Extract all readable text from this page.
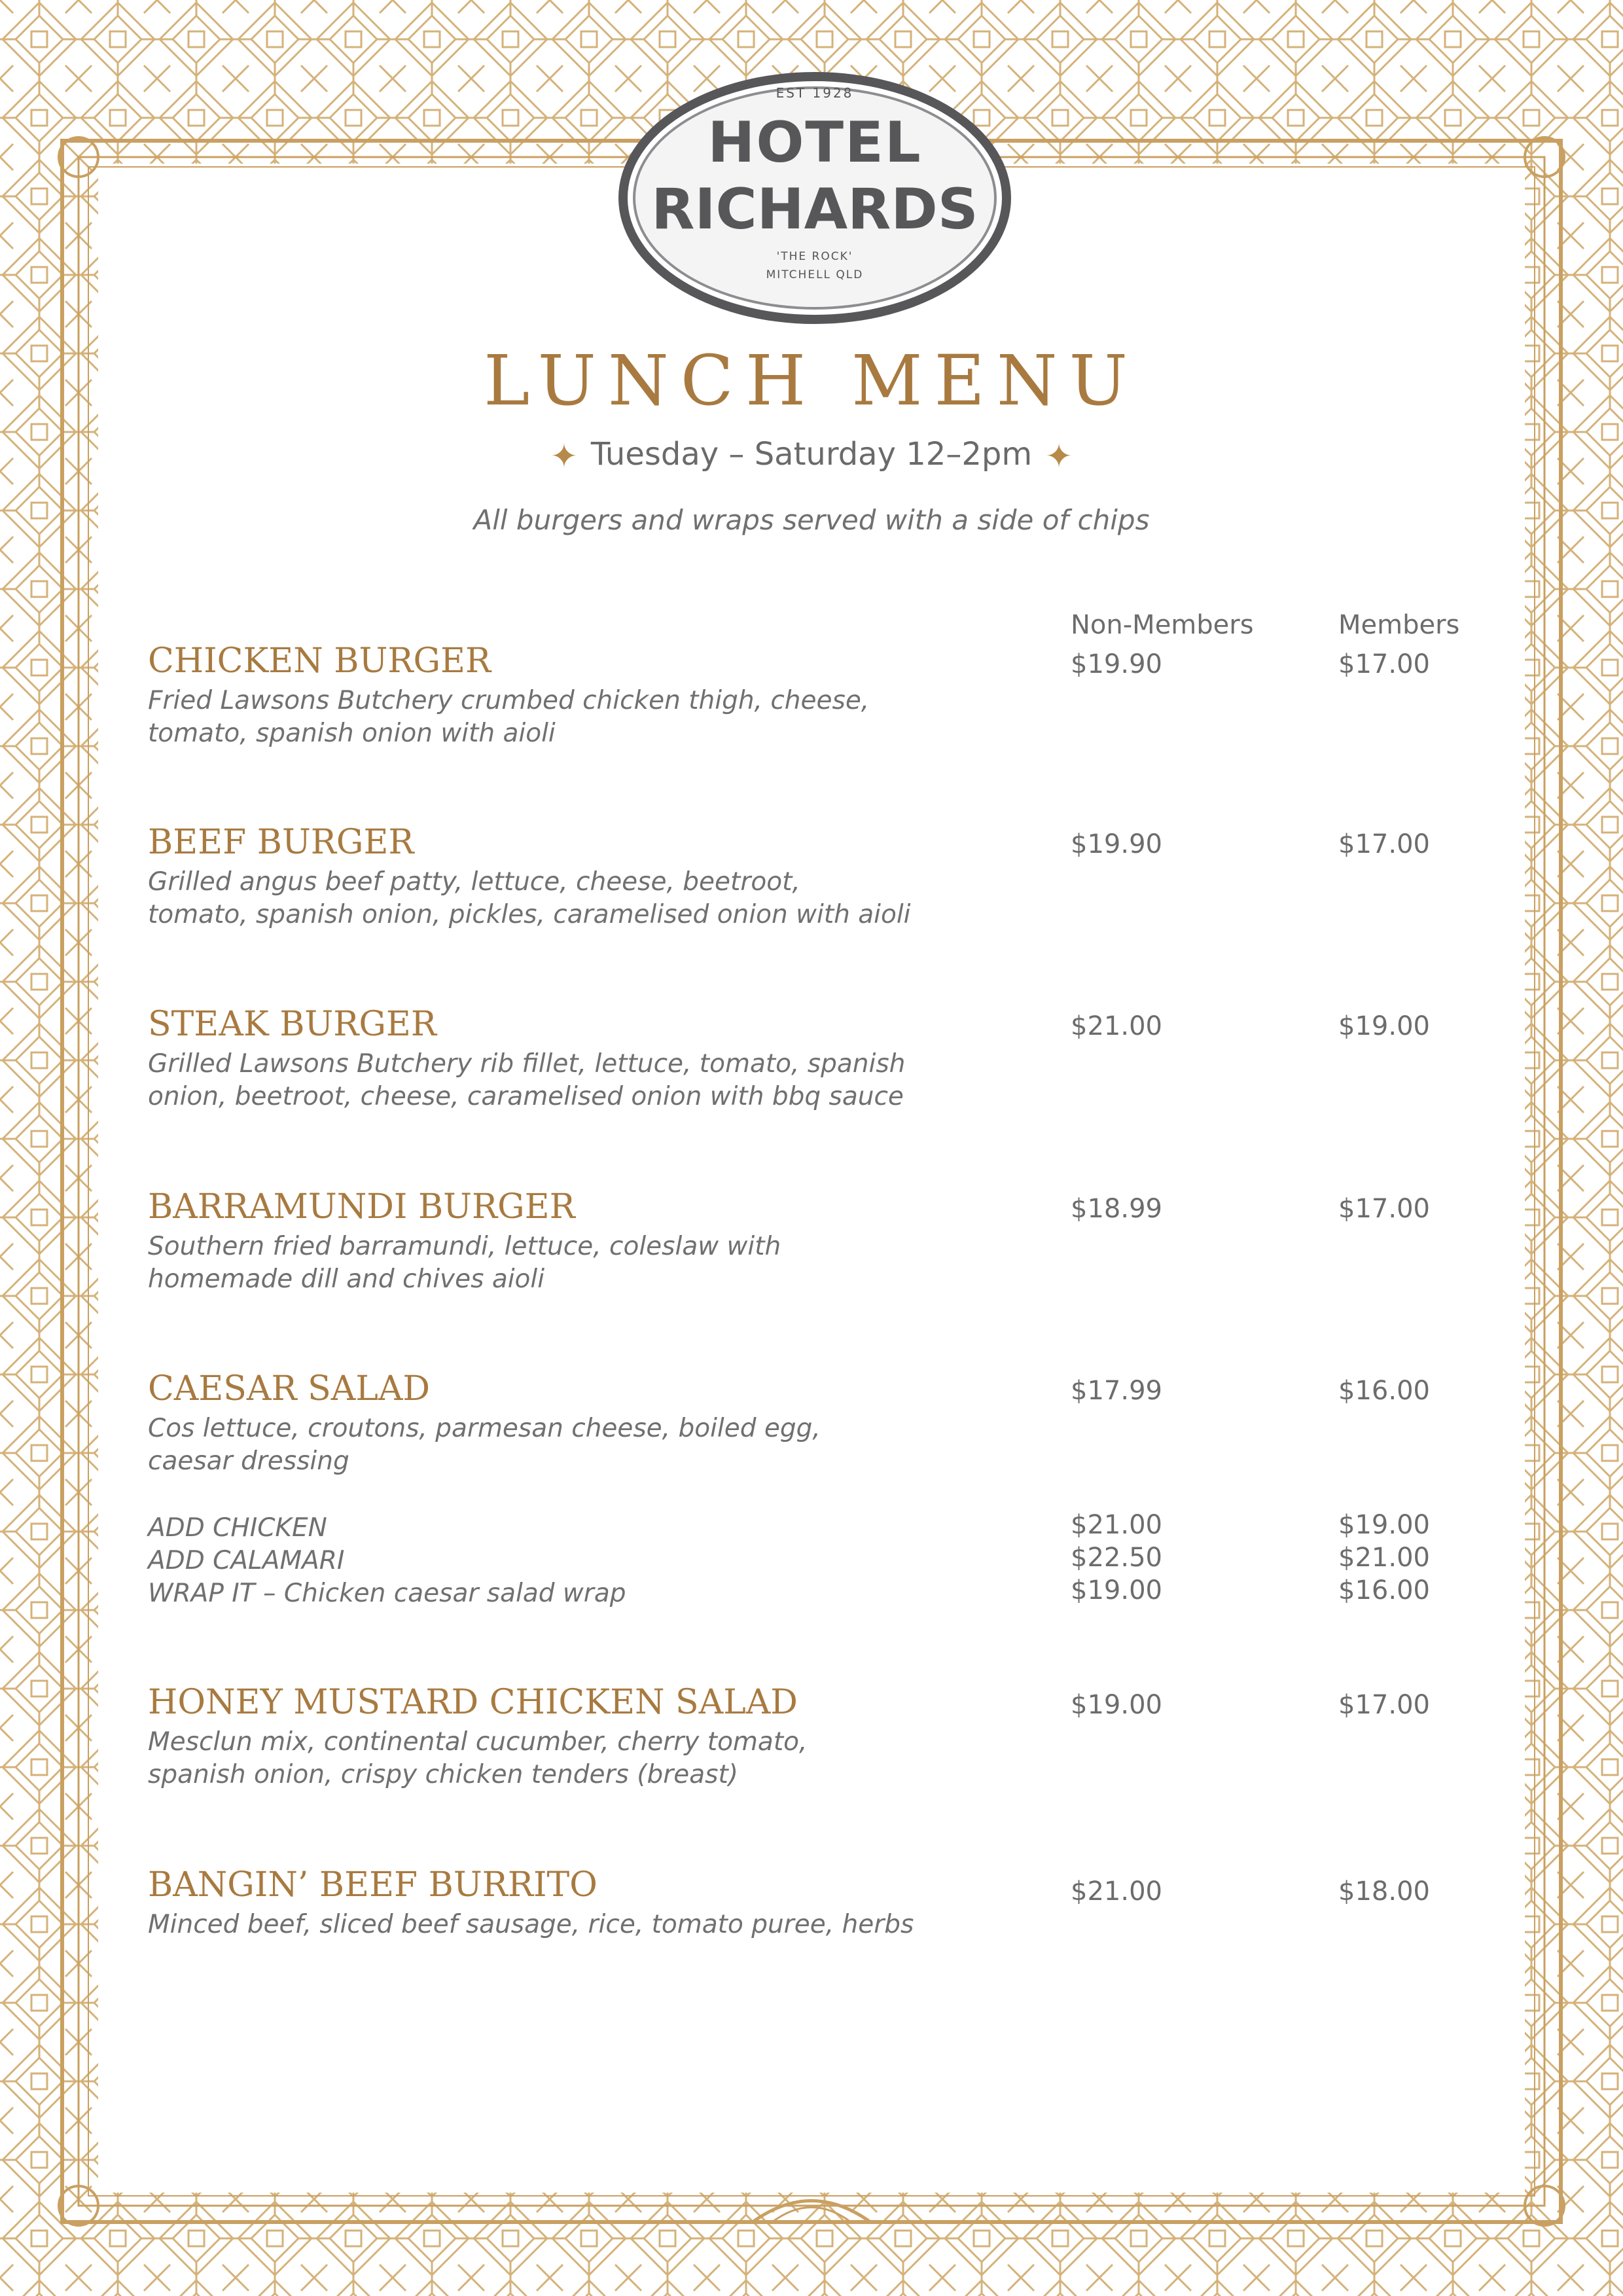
EST 1928
HOTEL
RICHARDS
'THE ROCK'
MITCHELL QLD
LUNCH MENU
✦ Tuesday – Saturday 12–2pm ✦
All burgers and wraps served with a side of chips
Non-Members	Members
CHICKEN BURGER
Fried Lawsons Butchery crumbed chicken thigh, cheese,
tomato, spanish onion with aioli
$19.90	$17.00
BEEF BURGER
Grilled angus beef patty, lettuce, cheese, beetroot,
tomato, spanish onion, pickles, caramelised onion with aioli
$19.90	$17.00
STEAK BURGER
Grilled Lawsons Butchery rib fillet, lettuce, tomato, spanish
onion, beetroot, cheese, caramelised onion with bbq sauce
$21.00	$19.00
BARRAMUNDI BURGER
Southern fried barramundi, lettuce, coleslaw with
homemade dill and chives aioli
$18.99	$17.00
CAESAR SALAD
Cos lettuce, croutons, parmesan cheese, boiled egg,
caesar dressing
$17.99	$16.00
ADD CHICKEN	$21.00	$19.00
ADD CALAMARI	$22.50	$21.00
WRAP IT – Chicken caesar salad wrap	$19.00	$16.00
HONEY MUSTARD CHICKEN SALAD
Mesclun mix, continental cucumber, cherry tomato,
spanish onion, crispy chicken tenders (breast)
$19.00	$17.00
BANGIN’ BEEF BURRITO
Minced beef, sliced beef sausage, rice, tomato puree, herbs
$21.00	$18.00
